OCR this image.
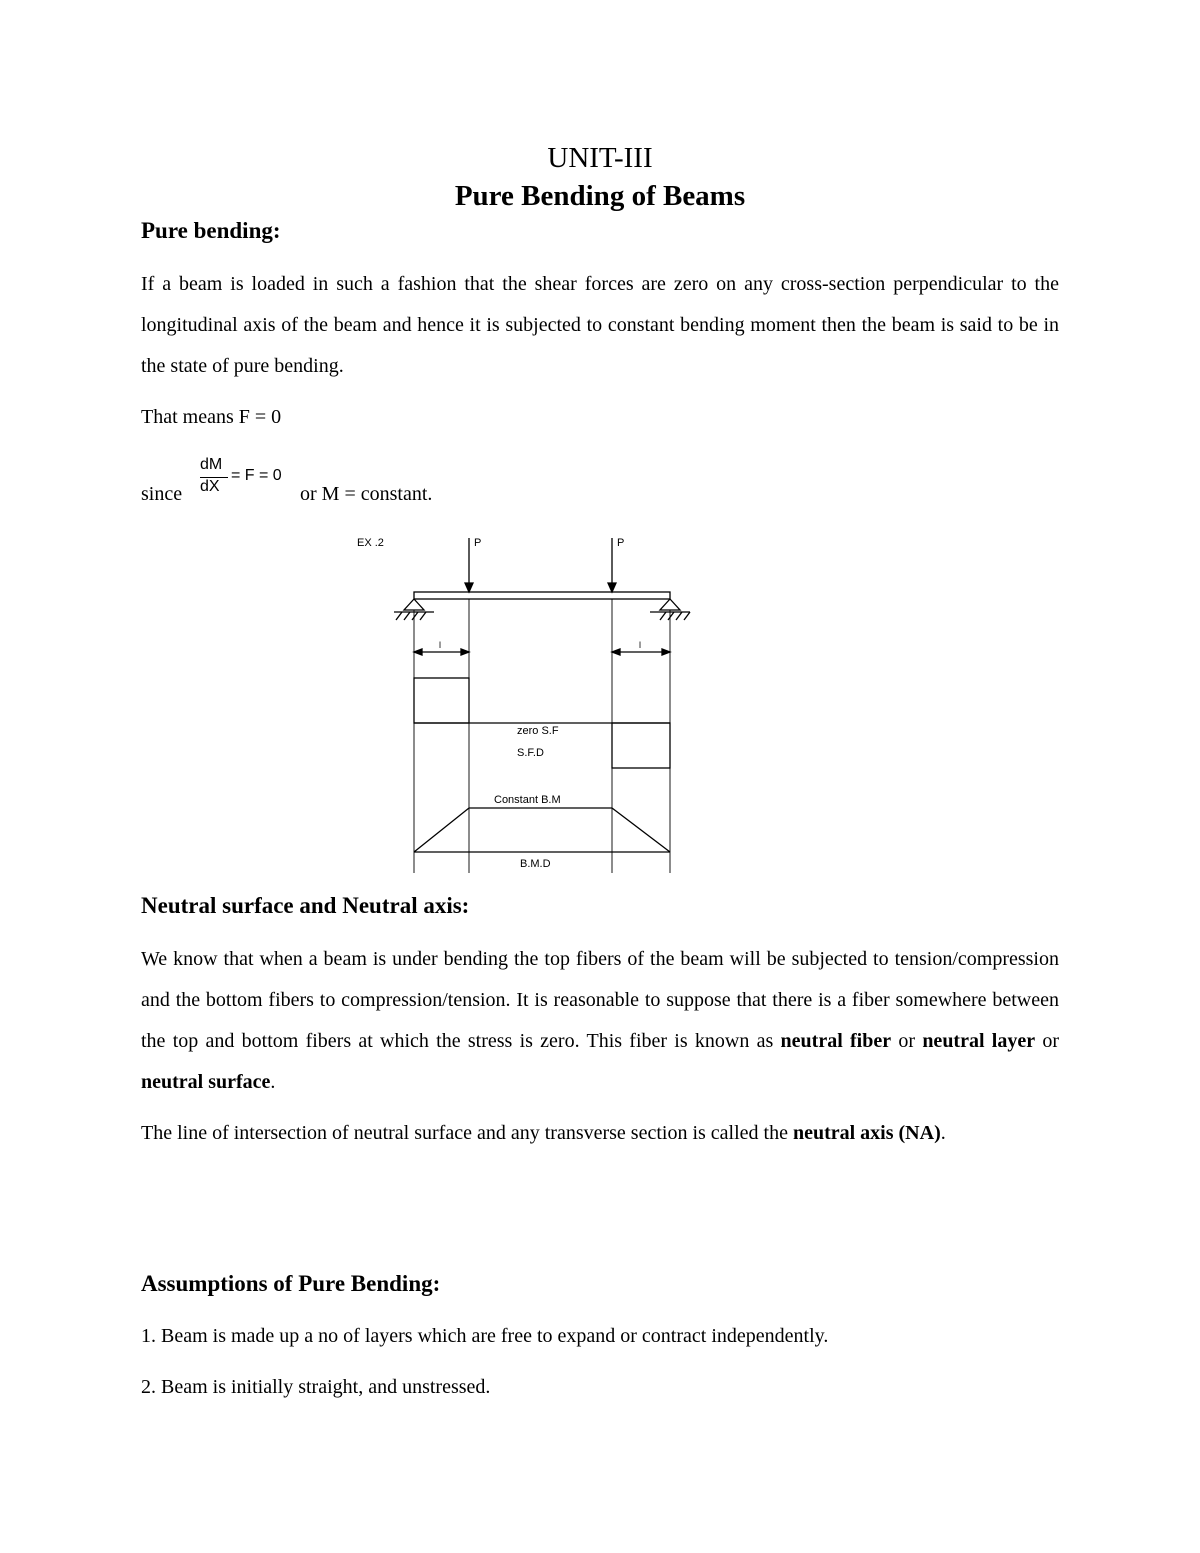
UNIT-III
Pure Bending of Beams
Pure bending:
If a beam is loaded in such a fashion that the shear forces are zero on any cross-section perpendicular to the longitudinal axis of the beam and hence it is subjected to constant bending moment then the beam is said to be in the state of pure bending.
That means F = 0
since
dM
dX
= F = 0
or M = constant.
EX .2	P	P
l	l
zero S.F
S.F.D
Constant B.M
B.M.D
Neutral surface and Neutral axis:
We know that when a beam is under bending the top fibers of the beam will be subjected to tension/compression and the bottom fibers to compression/tension. It is reasonable to suppose that there is a fiber somewhere between the top and bottom fibers at which the stress is zero. This fiber is known as neutral fiber or neutral layer or neutral surface.
The line of intersection of neutral surface and any transverse section is called the neutral axis (NA).
Assumptions of Pure Bending:
1. Beam is made up a no of layers which are free to expand or contract independently.
2. Beam is initially straight, and unstressed.
